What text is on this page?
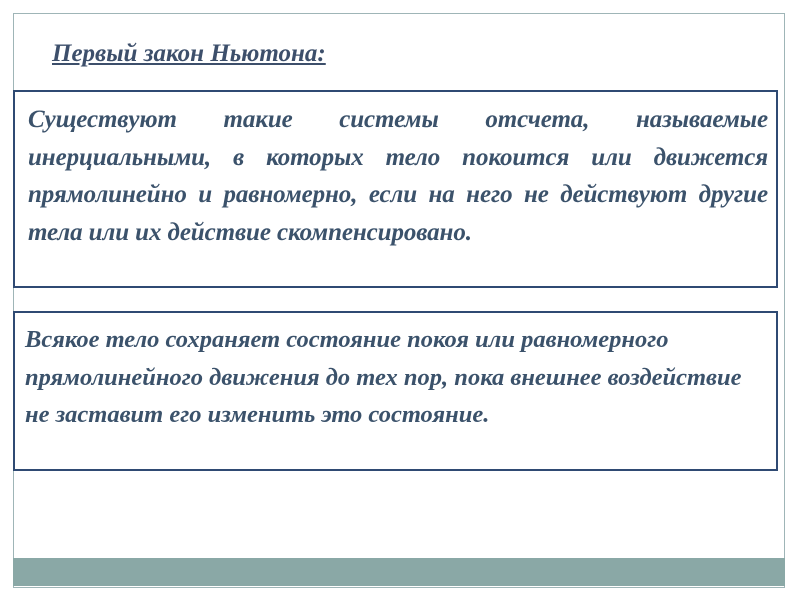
Первый закон Ньютона:
Существуют такие системы отсчета, называемые инерциальными, в которых тело покоится или движется прямолинейно и равномерно, если на него не действуют другие тела или их действие скомпенсировано.
Всякое тело сохраняет состояние покоя или равномерного прямолинейного движения до тех пор, пока внешнее воздействие не заставит его изменить это состояние.
